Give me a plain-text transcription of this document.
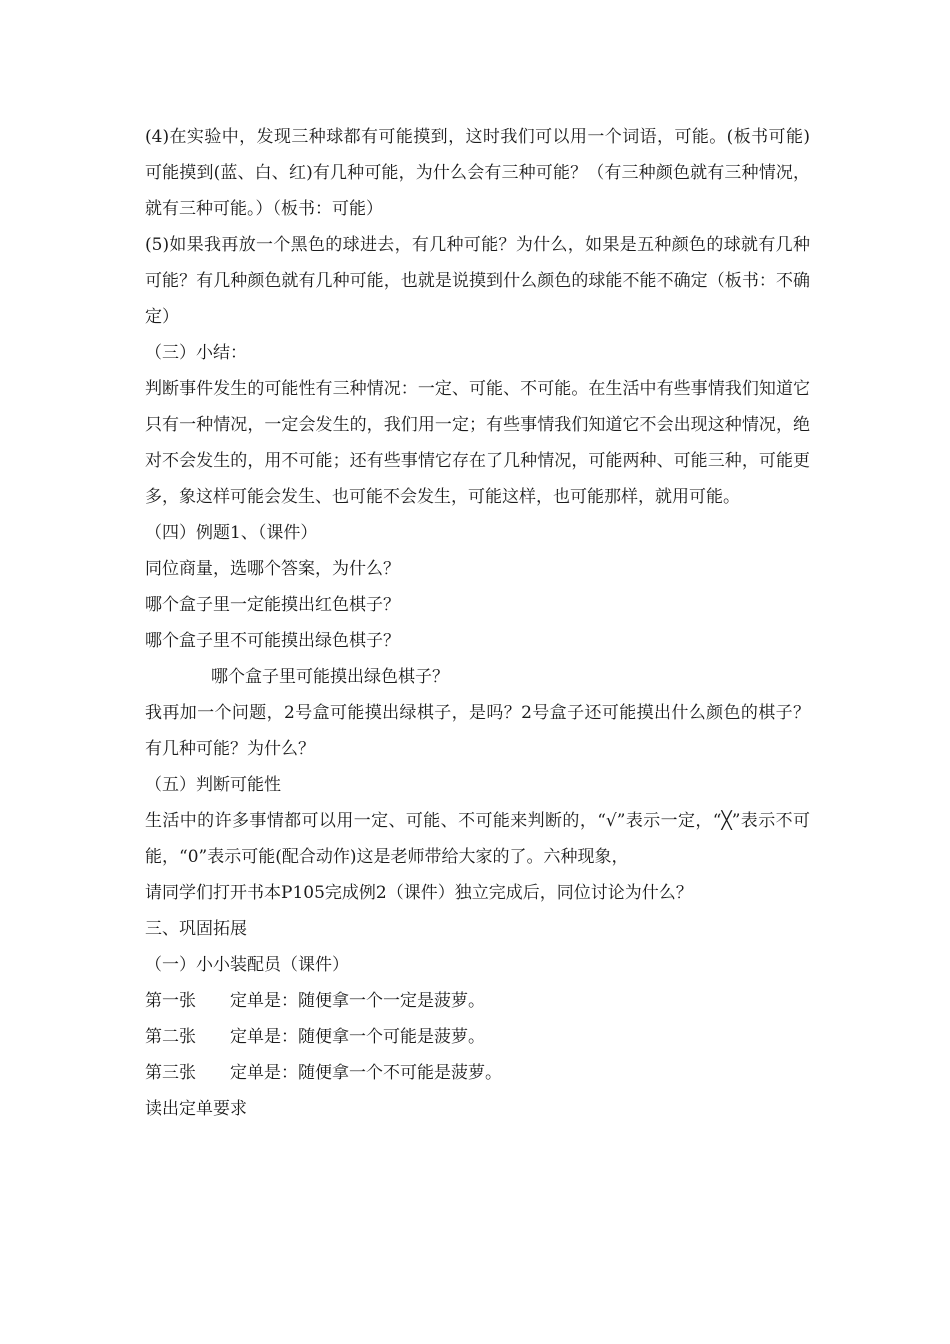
(4)在实验中，发现三种球都有可能摸到，这时我们可以用一个词语，可能。(板书可能)可能摸到(蓝、白、红)有几种可能，为什么会有三种可能？（有三种颜色就有三种情况，就有三种可能。）（板书：可能）

(5)如果我再放一个黑色的球进去，有几种可能？为什么，如果是五种颜色的球就有几种可能？有几种颜色就有几种可能，也就是说摸到什么颜色的球能不能不确定（板书：不确定）

（三）小结：

判断事件发生的可能性有三种情况：一定、可能、不可能。在生活中有些事情我们知道它只有一种情况，一定会发生的，我们用一定；有些事情我们知道它不会出现这种情况，绝对不会发生的，用不可能；还有些事情它存在了几种情况，可能两种、可能三种，可能更多，象这样可能会发生、也可能不会发生，可能这样，也可能那样，就用可能。

（四）例题1、（课件）

同位商量，选哪个答案，为什么？

哪个盒子里一定能摸出红色棋子？

哪个盒子里不可能摸出绿色棋子？

哪个盒子里可能摸出绿色棋子？

我再加一个问题，2号盒可能摸出绿棋子，是吗？2号盒子还可能摸出什么颜色的棋子？有几种可能？为什么？

（五）判断可能性

生活中的许多事情都可以用一定、可能、不可能来判断的，“√”表示一定，“╳”表示不可能，“0”表示可能(配合动作)这是老师带给大家的了。六种现象，

请同学们打开书本P105完成例2（课件）独立完成后，同位讨论为什么？

三、巩固拓展

（一）小小装配员（课件）

第一张　　定单是：随便拿一个一定是菠萝。

第二张　　定单是：随便拿一个可能是菠萝。

第三张　　定单是：随便拿一个不可能是菠萝。

读出定单要求
